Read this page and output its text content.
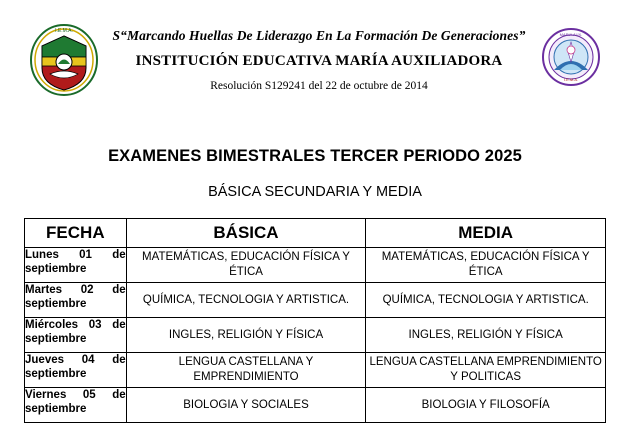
I.E.M.A.
MARIA AUX.
I.E.M.A.
S“Marcando Huellas De Liderazgo En La Formación De Generaciones”
INSTITUCIÓN EDUCATIVA MARÍA AUXILIADORA
Resolución S129241 del 22 de octubre de 2014
EXAMENES BIMESTRALES TERCER PERIODO 2025
BÁSICA SECUNDARIA Y MEDIA
FECHA	BÁSICA	MEDIA

Lunes 01 de
septiembre	MATEMÁTICAS, EDUCACIÓN FÍSICA Y ÉTICA	MATEMÁTICAS, EDUCACIÓN FÍSICA Y ÉTICA

Martes 02 de
septiembre	QUÍMICA, TECNOLOGIA Y ARTISTICA.	QUÍMICA, TECNOLOGIA Y ARTISTICA.

Miércoles 03 de
septiembre	INGLES, RELIGIÓN Y FÍSICA	INGLES, RELIGIÓN Y FÍSICA

Jueves 04 de
septiembre	LENGUA CASTELLANA Y EMPRENDIMIENTO	LENGUA CASTELLANA EMPRENDIMIENTO Y POLITICAS

Viernes 05 de
septiembre	BIOLOGIA Y SOCIALES	BIOLOGIA Y FILOSOFÍA
